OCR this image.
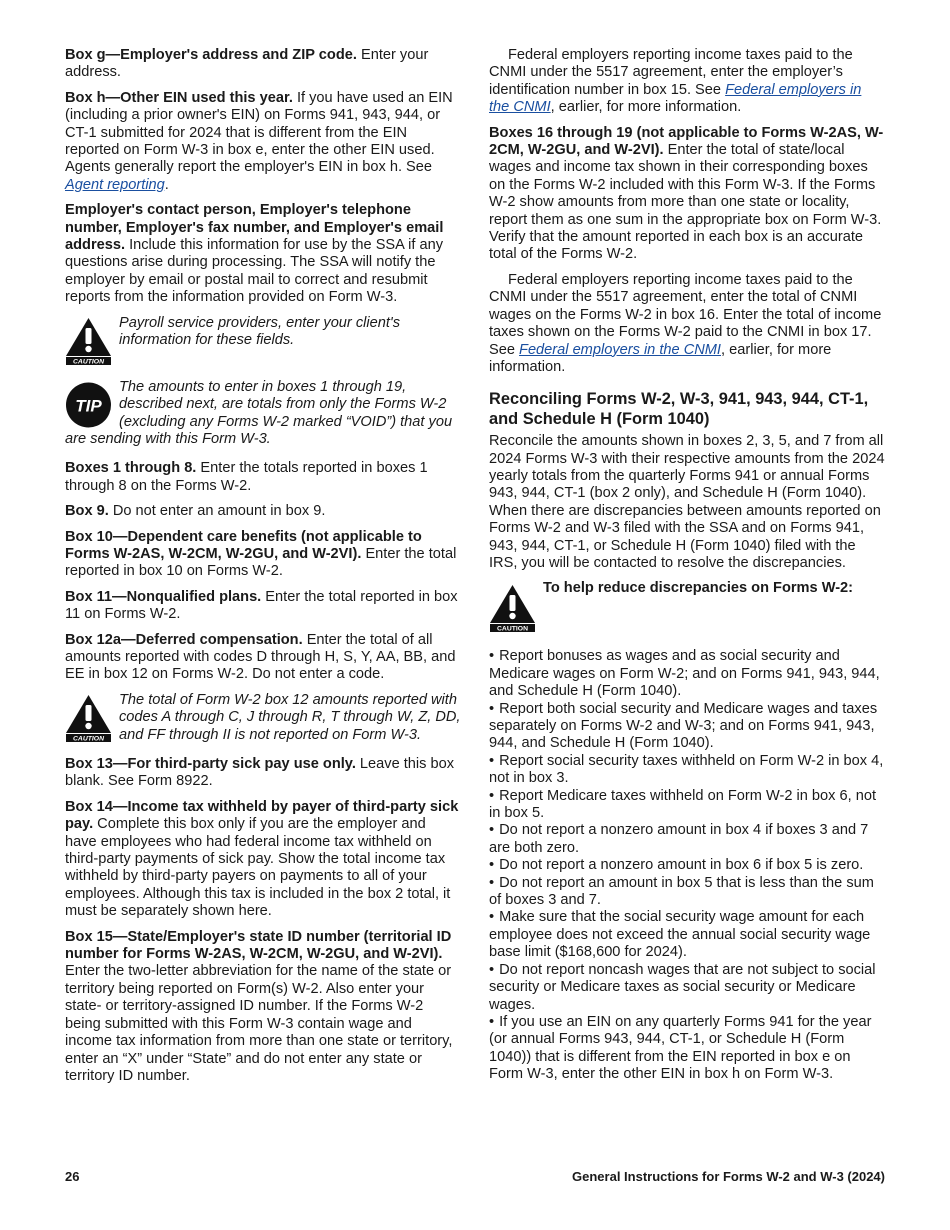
Box g—Employer's address and ZIP code. Enter your address.

Box h—Other EIN used this year. If you have used an EIN (including a prior owner's EIN) on Forms 941, 943, 944, or CT-1 submitted for 2024 that is different from the EIN reported on Form W-3 in box e, enter the other EIN used. Agents generally report the employer's EIN in box h. See Agent reporting.

Employer's contact person, Employer's telephone number, Employer's fax number, and Employer's email address. Include this information for use by the SSA if any questions arise during processing. The SSA will notify the employer by email or postal mail to correct and resubmit reports from the information provided on Form W-3.

CAUTION
Payroll service providers, enter your client's information for these fields.
TIP
The amounts to enter in boxes 1 through 19, described next, are totals from only the Forms W-2 (excluding any Forms W-2 marked “VOID”) that you are sending with this Form W-3.

Boxes 1 through 8. Enter the totals reported in boxes 1 through 8 on the Forms W-2.

Box 9. Do not enter an amount in box 9.

Box 10—Dependent care benefits (not applicable to Forms W-2AS, W-2CM, W-2GU, and W-2VI). Enter the total reported in box 10 on Forms W-2.

Box 11—Nonqualified plans. Enter the total reported in box 11 on Forms W-2.

Box 12a—Deferred compensation. Enter the total of all amounts reported with codes D through H, S, Y, AA, BB, and EE in box 12 on Forms W-2. Do not enter a code.

CAUTION
The total of Form W-2 box 12 amounts reported with codes A through C, J through R, T through W, Z, DD, and FF through II is not reported on Form W-3.

Box 13—For third-party sick pay use only. Leave this box blank. See Form 8922.

Box 14—Income tax withheld by payer of third-party sick pay. Complete this box only if you are the employer and have employees who had federal income tax withheld on third-party payments of sick pay. Show the total income tax withheld by third-party payers on payments to all of your employees. Although this tax is included in the box 2 total, it must be separately shown here.

Box 15—State/Employer's state ID number (territorial ID number for Forms W-2AS, W-2CM, W-2GU, and W-2VI). Enter the two-letter abbreviation for the name of the state or territory being reported on Form(s) W-2. Also enter your state- or territory-assigned ID number. If the Forms W-2 being submitted with this Form W-3 contain wage and income tax information from more than one state or territory, enter an “X” under “State” and do not enter any state or territory ID number.

Federal employers reporting income taxes paid to the CNMI under the 5517 agreement, enter the employer’s identification number in box 15. See Federal employers in the CNMI, earlier, for more information.

Boxes 16 through 19 (not applicable to Forms W-2AS, W-2CM, W-2GU, and W-2VI). Enter the total of state/local wages and income tax shown in their corresponding boxes on the Forms W-2 included with this Form W-3. If the Forms W-2 show amounts from more than one state or locality, report them as one sum in the appropriate box on Form W-3. Verify that the amount reported in each box is an accurate total of the Forms W-2.

Federal employers reporting income taxes paid to the CNMI under the 5517 agreement, enter the total of CNMI wages on the Forms W-2 in box 16. Enter the total of income taxes shown on the Forms W-2 paid to the CNMI in box 17. See Federal employers in the CNMI, earlier, for more information.

Reconciling Forms W-2, W-3, 941, 943, 944, CT-1, and Schedule H (Form 1040)

Reconcile the amounts shown in boxes 2, 3, 5, and 7 from all 2024 Forms W-3 with their respective amounts from the 2024 yearly totals from the quarterly Forms 941 or annual Forms 943, 944, CT-1 (box 2 only), and Schedule H (Form 1040). When there are discrepancies between amounts reported on Forms W-2 and W-3 filed with the SSA and on Forms 941, 943, 944, CT-1, or Schedule H (Form 1040) filed with the IRS, you will be contacted to resolve the discrepancies.

CAUTION
To help reduce discrepancies on Forms W-2:
• Report bonuses as wages and as social security and Medicare wages on Form W-2; and on Forms 941, 943, 944, and Schedule H (Form 1040).
• Report both social security and Medicare wages and taxes separately on Forms W-2 and W-3; and on Forms 941, 943, 944, and Schedule H (Form 1040).
• Report social security taxes withheld on Form W-2 in box 4, not in box 3.
• Report Medicare taxes withheld on Form W-2 in box 6, not in box 5.
• Do not report a nonzero amount in box 4 if boxes 3 and 7 are both zero.
• Do not report a nonzero amount in box 6 if box 5 is zero.
• Do not report an amount in box 5 that is less than the sum of boxes 3 and 7.
• Make sure that the social security wage amount for each employee does not exceed the annual social security wage base limit ($168,600 for 2024).
• Do not report noncash wages that are not subject to social security or Medicare taxes as social security or Medicare wages.
• If you use an EIN on any quarterly Forms 941 for the year (or annual Forms 943, 944, CT-1, or Schedule H (Form 1040)) that is different from the EIN reported in box e on Form W-3, enter the other EIN in box h on Form W-3.
26	General Instructions for Forms W-2 and W-3 (2024)
